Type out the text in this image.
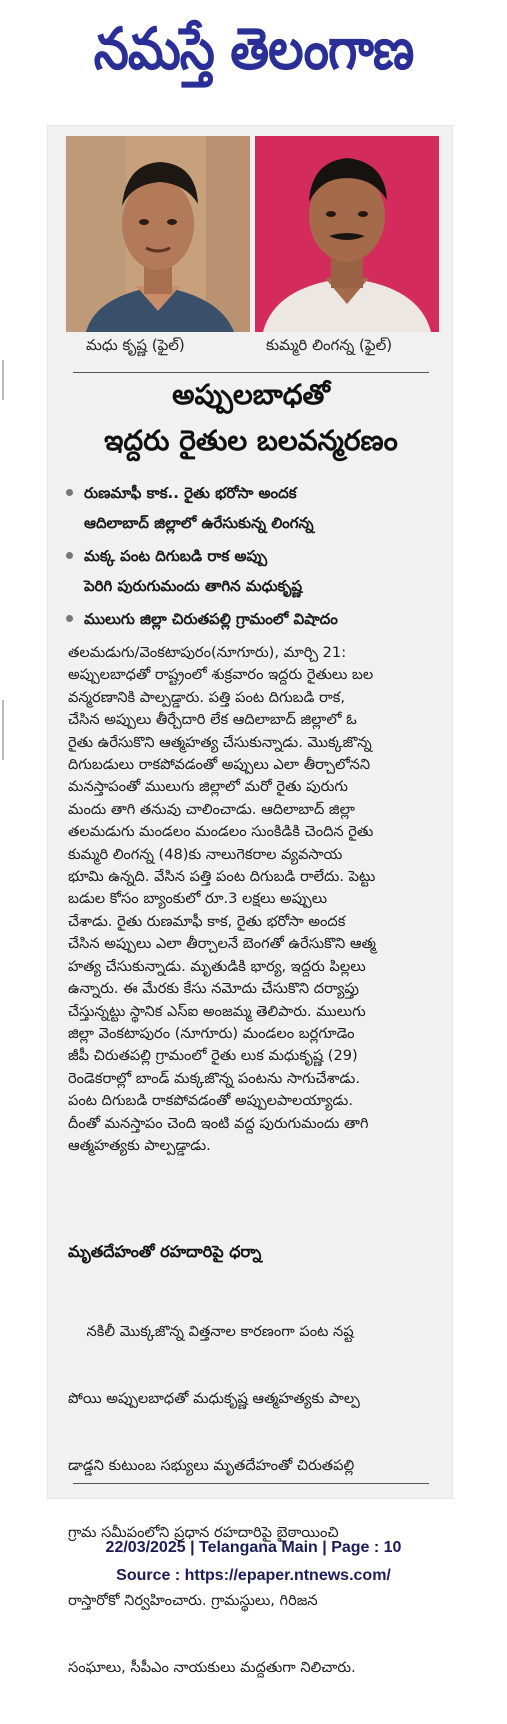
నమస్తే తెలంగాణ
మధు కృష్ణ (ఫైల్)	కుమ్మరి లింగన్న (ఫైల్)
అప్పులబాధతో
ఇద్దరు రైతుల బలవన్మరణం
రుణమాఫీ కాక.. రైతు భరోసా అందక
ఆదిలాబాద్ జిల్లాలో ఉరేసుకున్న లింగన్న
మక్క పంట దిగుబడి రాక అప్పు
పెరిగి పురుగుమందు తాగిన మధుకృష్ణ
ములుగు జిల్లా చిరుతపల్లి గ్రామంలో విషాదం
తలమడుగు/వెంకటాపురం(నూగూరు), మార్చి 21:
అప్పులబాధతో రాష్ట్రంలో శుక్రవారం ఇద్దరు రైతులు బల
వన్మరణానికి పాల్పడ్డారు. పత్తి పంట దిగుబడి రాక,
చేసిన అప్పులు తీర్చేదారి లేక ఆదిలాబాద్ జిల్లాలో ఓ
రైతు ఉరేసుకొని ఆత్మహత్య చేసుకున్నాడు. మొక్కజొన్న
దిగుబడులు రాకపోవడంతో అప్పులు ఎలా తీర్చాలోనని
మనస్తాపంతో ములుగు జిల్లాలో మరో రైతు పురుగు
మందు తాగి తనువు చాలించాడు. ఆదిలాబాద్ జిల్లా
తలమడుగు మండలం మండలం సుంకిడికి చెందిన రైతు
కుమ్మరి లింగన్న (48)కు నాలుగెకరాల వ్యవసాయ
భూమి ఉన్నది. వేసిన పత్తి పంట దిగుబడి రాలేదు. పెట్టు
బడుల కోసం బ్యాంకులో రూ.3 లక్షలు అప్పులు
చేశాడు. రైతు రుణమాఫీ కాక, రైతు భరోసా అందక
చేసిన అప్పులు ఎలా తీర్చాలనే బెంగతో ఉరేసుకొని ఆత్మ
హత్య చేసుకున్నాడు. మృతుడికి భార్య, ఇద్దరు పిల్లలు
ఉన్నారు. ఈ మేరకు కేసు నమోదు చేసుకొని దర్యాప్తు
చేస్తున్నట్టు స్థానిక ఎస్ఐ అంజమ్మ తెలిపారు. ములుగు
జిల్లా వెంకటాపురం (నూగూరు) మండలం బర్లగూడెం
జీపీ చిరుతపల్లి గ్రామంలో రైతు లుక మధుకృష్ణ (29)
రెండెకరాల్లో బాండ్ మక్కజొన్న పంటను సాగుచేశాడు.
పంట దిగుబడి రాకపోవడంతో అప్పులపాలయ్యాడు.
దీంతో మనస్తాపం చెంది ఇంటి వద్ద పురుగుమందు తాగి
ఆత్మహత్యకు పాల్పడ్డాడు.
మృతదేహంతో రహదారిపై ధర్నా

నకిలీ మొక్కజొన్న విత్తనాల కారణంగా పంట నష్ట

పోయి అప్పులబాధతో మధుకృష్ణ ఆత్మహత్యకు పాల్ప

డాడ్డని కుటుంబ సభ్యులు మృతదేహంతో చిరుతపల్లి

గ్రామ సమీపంలోని ప్రధాన రహదారిపై బైఠాయించి

రాస్తారోకో నిర్వహించారు. గ్రామస్థులు, గిరిజన

సంఘాలు, సీపీఎం నాయకులు మద్దతుగా నిలిచారు.

22/03/2025 | Telangana Main | Page : 10
Source : https://epaper.ntnews.com/
